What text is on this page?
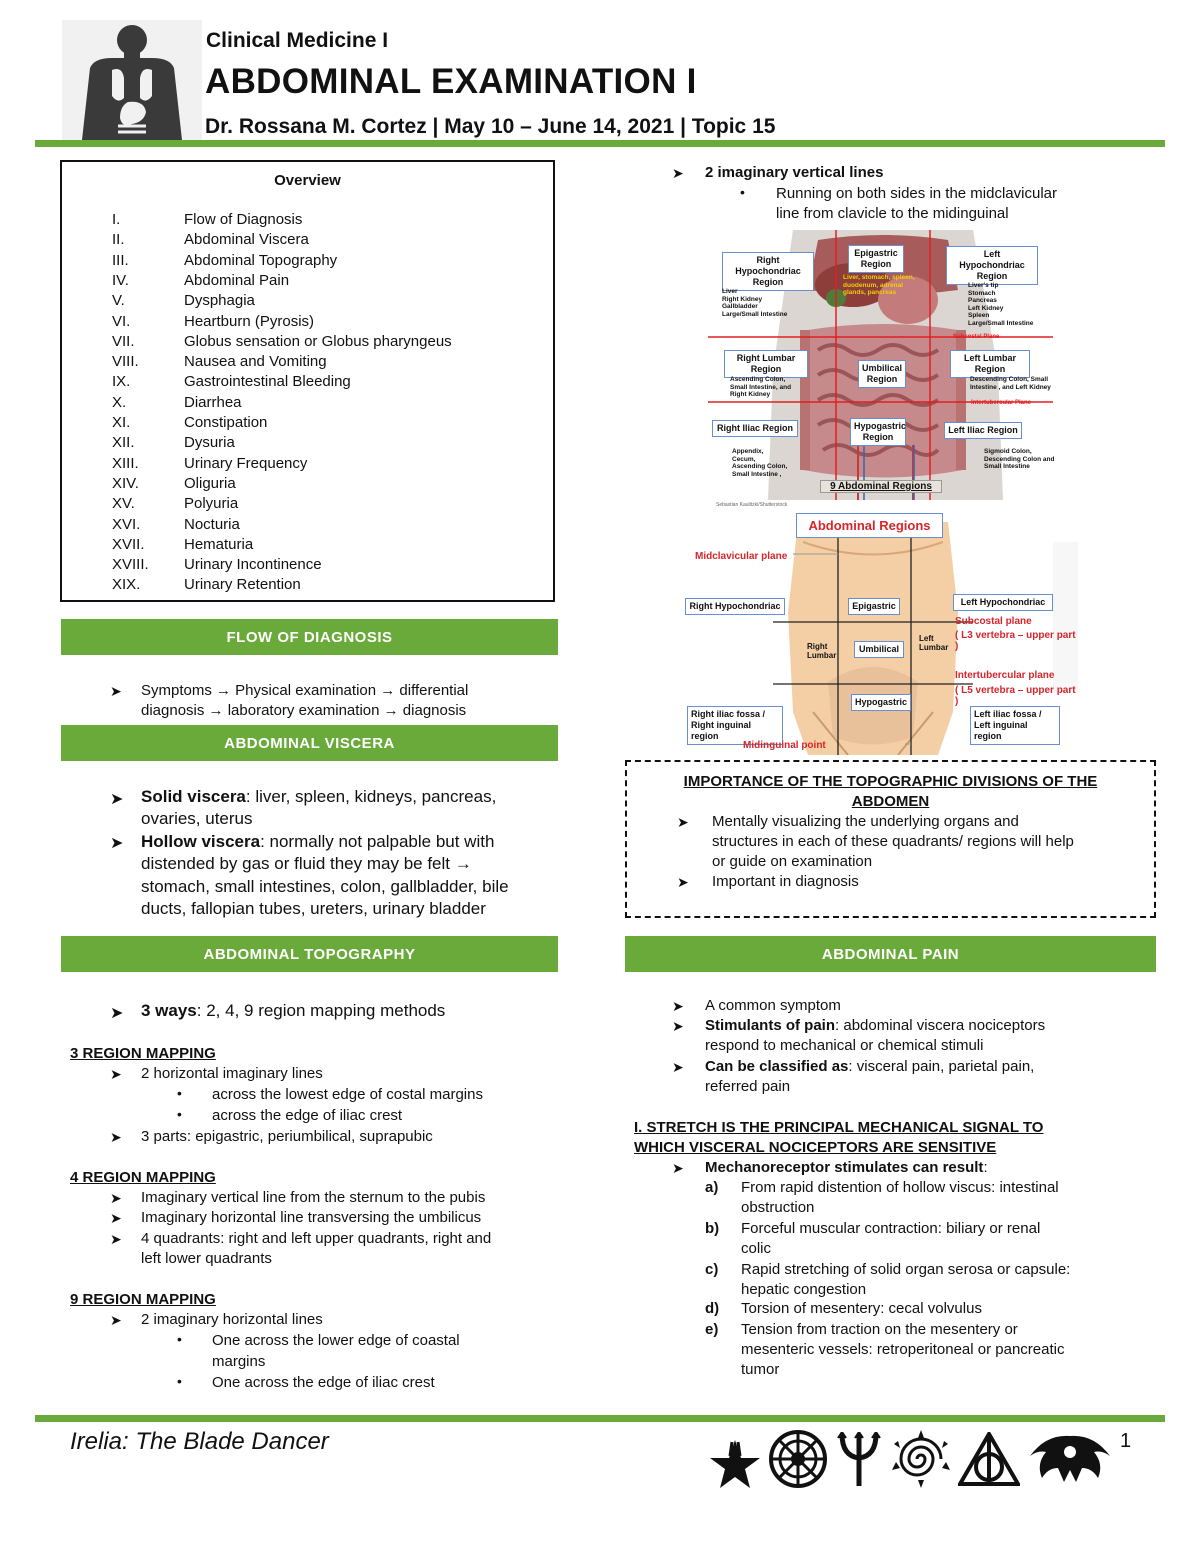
Clinical Medicine I
ABDOMINAL EXAMINATION I
Dr. Rossana M. Cortez | May 10 – June 14, 2021 | Topic 15
Overview
I.	Flow of Diagnosis
II.	Abdominal Viscera
III.	Abdominal Topography
IV.	Abdominal Pain
V.	Dysphagia
VI.	Heartburn (Pyrosis)
VII.	Globus sensation or Globus pharyngeus
VIII.	Nausea and Vomiting
IX.	Gastrointestinal Bleeding
X.	Diarrhea
XI.	Constipation
XII.	Dysuria
XIII.	Urinary Frequency
XIV.	Oliguria
XV.	Polyuria
XVI.	Nocturia
XVII.	Hematuria
XVIII.	Urinary Incontinence
XIX.	Urinary Retention
FLOW OF DIAGNOSIS
➤ Symptoms → Physical examination → differential
diagnosis → laboratory examination → diagnosis
ABDOMINAL VISCERA
➤ Solid viscera: liver, spleen, kidneys, pancreas,
ovaries, uterus
➤ Hollow viscera: normally not palpable but with
distended by gas or fluid they may be felt →
stomach, small intestines, colon, gallbladder, bile
ducts, fallopian tubes, ureters, urinary bladder
ABDOMINAL TOPOGRAPHY
➤ 3 ways: 2, 4, 9 region mapping methods
3 REGION MAPPING
➤ 2 horizontal imaginary lines
• across the lowest edge of costal margins
• across the edge of iliac crest
➤ 3 parts: epigastric, periumbilical, suprapubic
4 REGION MAPPING
➤ Imaginary vertical line from the sternum to the pubis
➤ Imaginary horizontal line transversing the umbilicus
➤ 4 quadrants: right and left upper quadrants, right and
left lower quadrants
9 REGION MAPPING
➤ 2 imaginary horizontal lines
• One across the lower edge of coastal
margins
• One across the edge of iliac crest
➤ 2 imaginary vertical lines
• Running on both sides in the midclavicular
line from clavicle to the midinguinal
Right Hypochondriac Region
Epigastric Region
Left Hypochondriac Region
Liver
Right Kidney
Gallbladder
Large/Small Intestine
Liver, stomach, spleen, duodenum, adrenal glands, pancreas
Liver's tip
Stomach
Pancreas
Left Kidney
Spleen
Large/Small Intestine
Subcostal Plane
Right Lumbar Region	Umbilical Region
Left Lumbar Region
Ascending Colon,
Small Intestine, and
Right Kidney
Descending Colon, Small
Intestine , and Left Kidney
Intertubercular Plane
Right Iliac Region	Hypogastric Region
Left Iliac Region
Appendix,
Cecum,
Ascending Colon,
Small Intestine ,
Sigmoid Colon,
Descending Colon and
Small Intestine
9 Abdominal Regions
Sebastian Kaulitzki/Shutterstock
Abdominal Regions
Midclavicular plane
Right Hypochondriac	Epigastric	Left Hypochondriac
Subcostal plane
( L3 vertebra – upper part )
Right
Lumbar
Umbilical
Left
Lumbar
Intertubercular plane
( L5 vertebra – upper part )
Hypogastric
Right iliac fossa /
Right inguinal region
Left iliac fossa /
Left inguinal region
Midinguinal point
IMPORTANCE OF THE TOPOGRAPHIC DIVISIONS OF THE
ABDOMEN
➤ Mentally visualizing the underlying organs and
structures in each of these quadrants/ regions will help
or guide on examination
➤ Important in diagnosis
ABDOMINAL PAIN
➤ A common symptom
➤ Stimulants of pain: abdominal viscera nociceptors
respond to mechanical or chemical stimuli
➤ Can be classified as: visceral pain, parietal pain,
referred pain
I. STRETCH IS THE PRINCIPAL MECHANICAL SIGNAL TO
WHICH VISCERAL NOCICEPTORS ARE SENSITIVE
➤ Mechanoreceptor stimulates can result:
a) From rapid distention of hollow viscus: intestinal
obstruction
b) Forceful muscular contraction: biliary or renal
colic
c) Rapid stretching of solid organ serosa or capsule:
hepatic congestion
d) Torsion of mesentery: cecal volvulus
e) Tension from traction on the mesentery or
mesenteric vessels: retroperitoneal or pancreatic
tumor
Irelia: The Blade Dancer	1
